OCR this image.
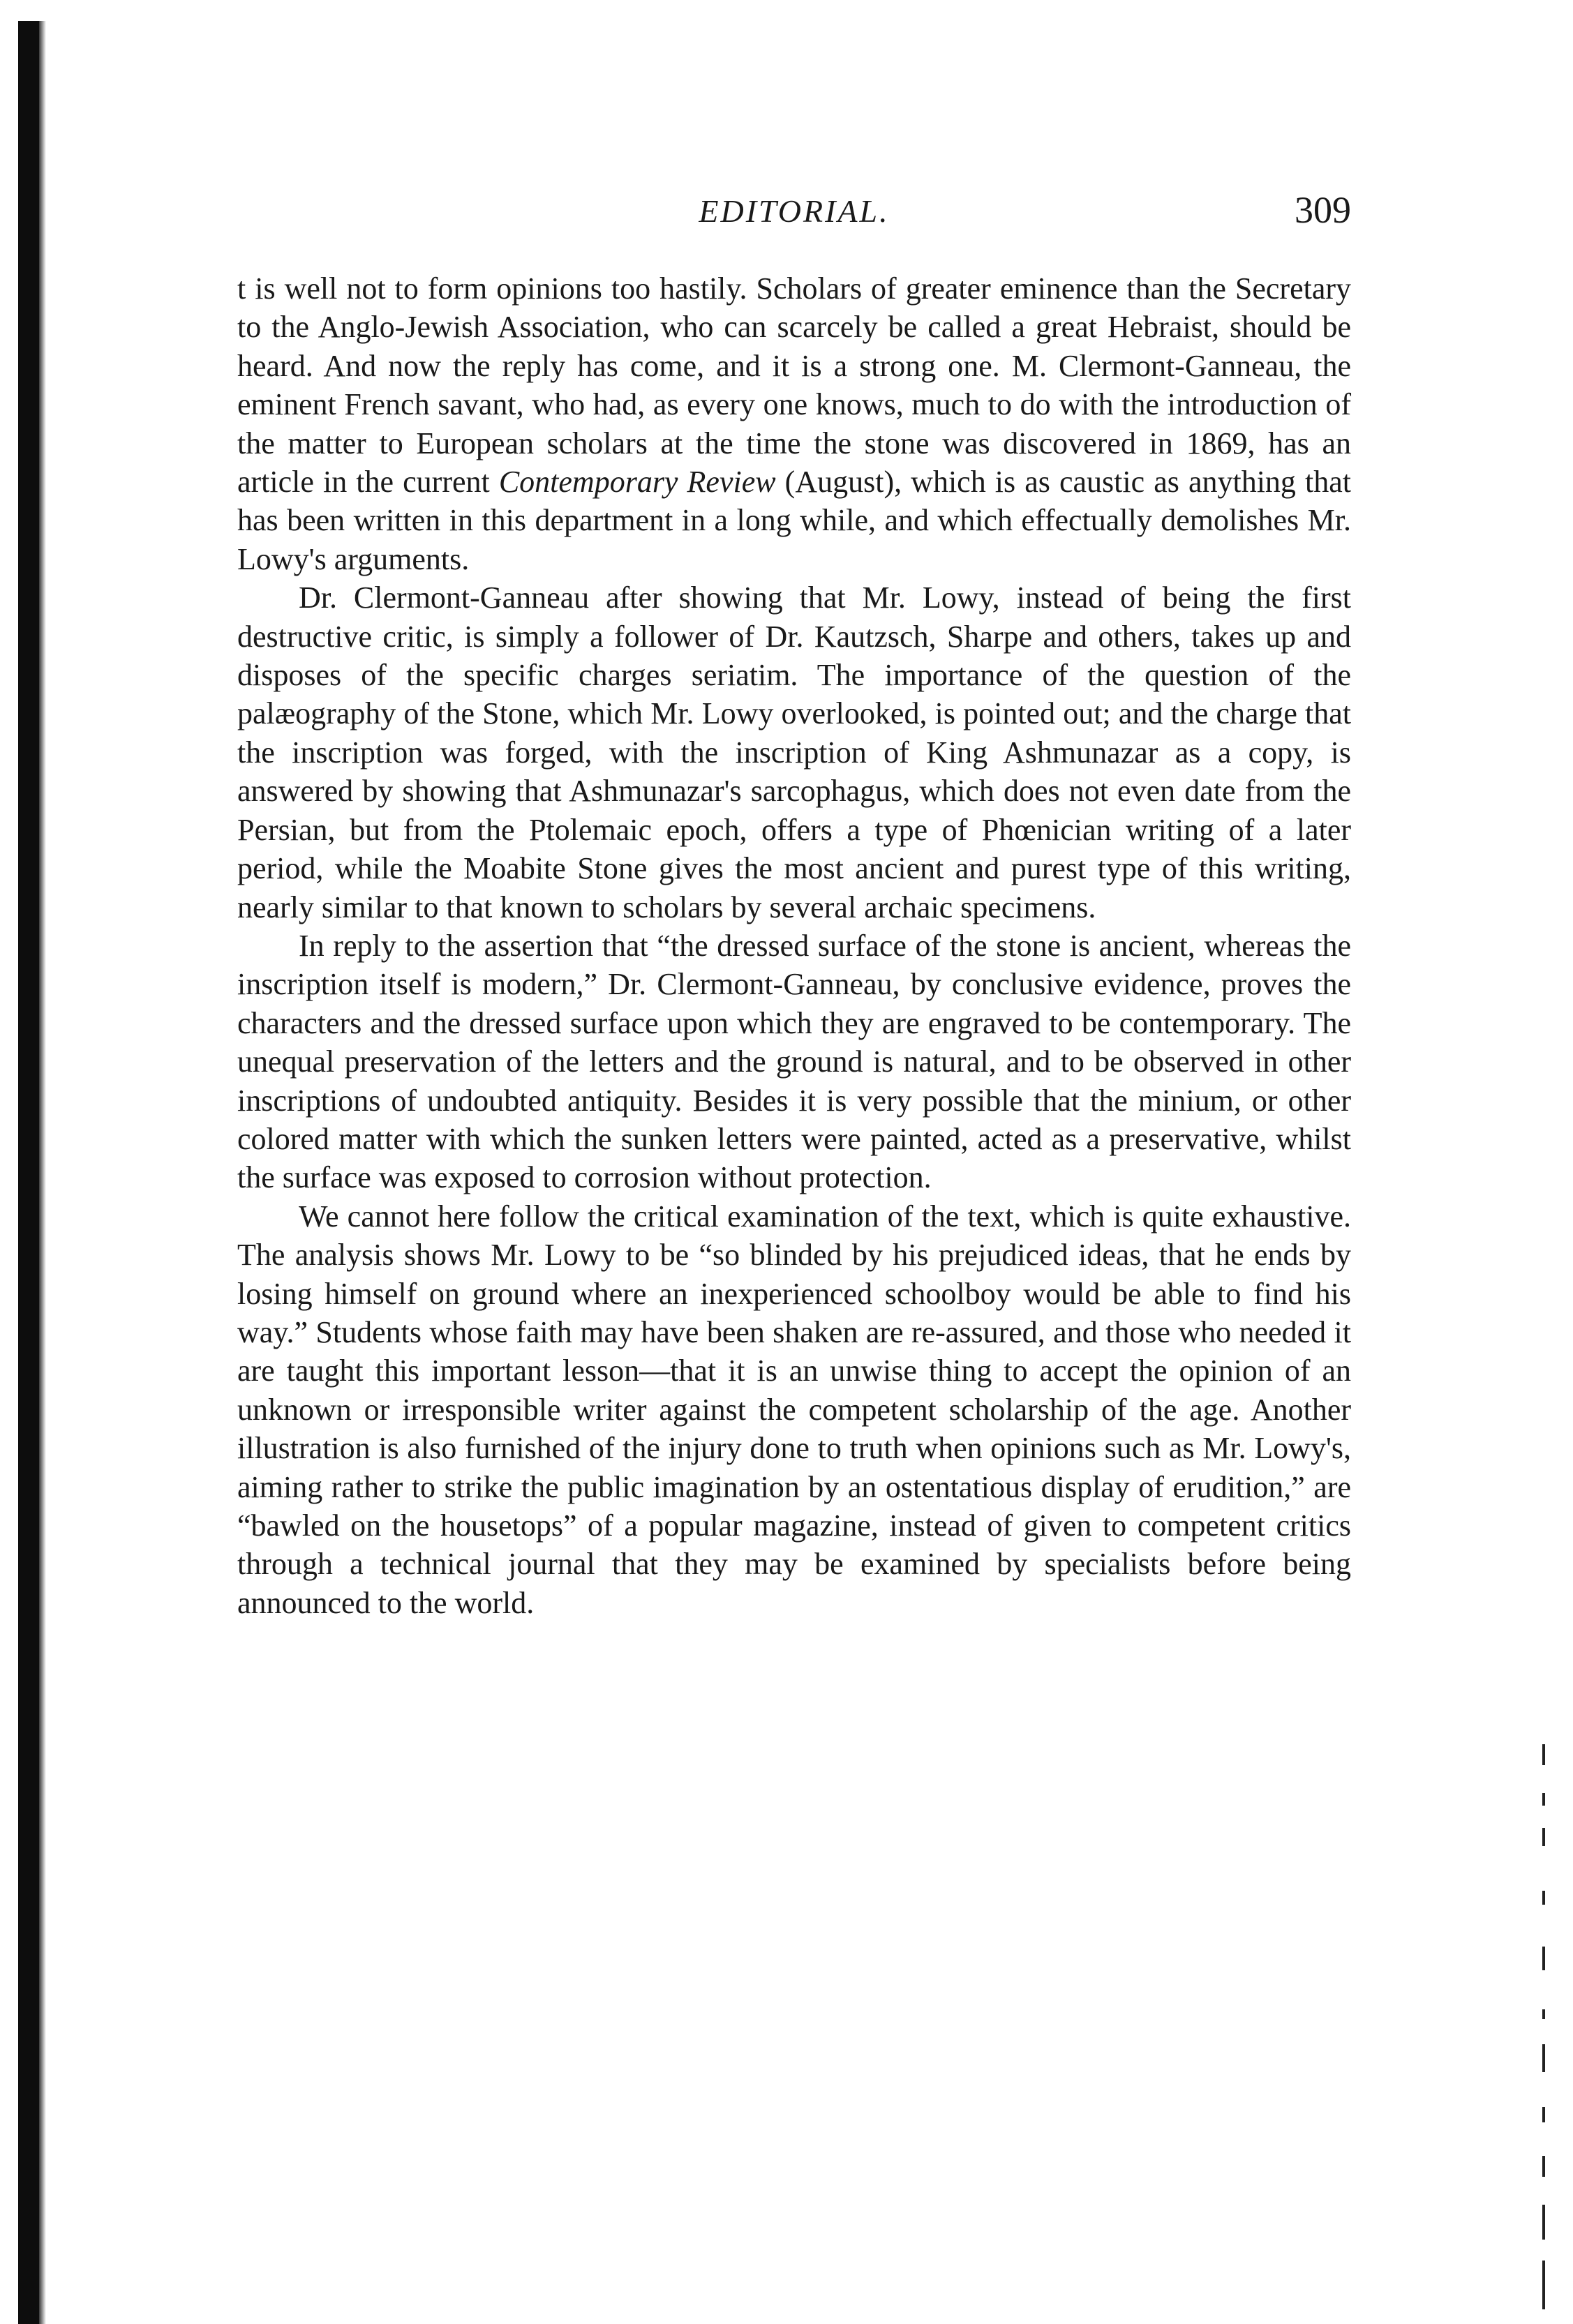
EDITORIAL.	309

t is well not to form opinions too hastily. Scholars of greater eminence than the Secretary to the Anglo-Jewish Association, who can scarcely be called a great Hebraist, should be heard. And now the reply has come, and it is a strong one. M. Clermont-Ganneau, the eminent French savant, who had, as every one knows, much to do with the introduction of the matter to European scholars at the time the stone was discovered in 1869, has an article in the current Contemporary Review (August), which is as caustic as anything that has been written in this department in a long while, and which effectually demolishes Mr. Lowy's arguments.

Dr. Clermont-Ganneau after showing that Mr. Lowy, instead of being the first destructive critic, is simply a follower of Dr. Kautzsch, Sharpe and others, takes up and disposes of the specific charges seriatim. The importance of the question of the palæography of the Stone, which Mr. Lowy overlooked, is pointed out; and the charge that the inscription was forged, with the inscription of King Ashmunazar as a copy, is answered by showing that Ashmunazar's sarcophagus, which does not even date from the Persian, but from the Ptolemaic epoch, offers a type of Phœnician writing of a later period, while the Moabite Stone gives the most ancient and purest type of this writing, nearly similar to that known to scholars by several archaic specimens.

In reply to the assertion that “the dressed surface of the stone is ancient, whereas the inscription itself is modern,” Dr. Clermont-Ganneau, by conclusive evidence, proves the characters and the dressed surface upon which they are engraved to be contemporary. The unequal preservation of the letters and the ground is natural, and to be observed in other inscriptions of undoubted antiquity. Besides it is very possible that the minium, or other colored matter with which the sunken letters were painted, acted as a preservative, whilst the surface was exposed to corrosion without protection.

We cannot here follow the critical examination of the text, which is quite exhaustive. The analysis shows Mr. Lowy to be “so blinded by his prejudiced ideas, that he ends by losing himself on ground where an inexperienced schoolboy would be able to find his way.” Students whose faith may have been shaken are re-assured, and those who needed it are taught this important lesson—that it is an unwise thing to accept the opinion of an unknown or irresponsible writer against the competent scholarship of the age. Another illustration is also furnished of the injury done to truth when opinions such as Mr. Lowy's, aiming rather to strike the public imagination by an ostentatious display of erudition,” are “bawled on the housetops” of a popular magazine, instead of given to competent critics through a technical journal that they may be examined by specialists before being announced to the world.
